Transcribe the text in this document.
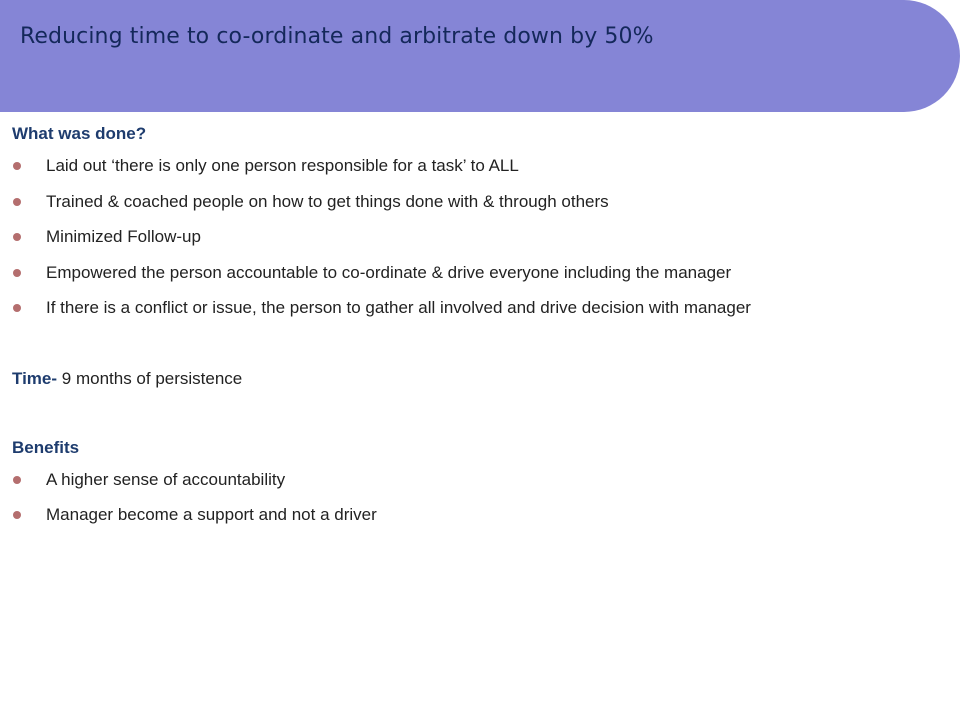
Reducing time to co-ordinate and arbitrate down by 50%

What was done?

Laid out ‘there is only one person responsible for a task’ to ALL
Trained & coached people on how to get things done with & through others
Minimized Follow-up
Empowered the person accountable to co-ordinate & drive everyone including the manager
If there is a conflict or issue, the person to gather all involved and drive decision with manager

Time- 9 months of persistence

Benefits

A higher sense of accountability
Manager become a support and not a driver
